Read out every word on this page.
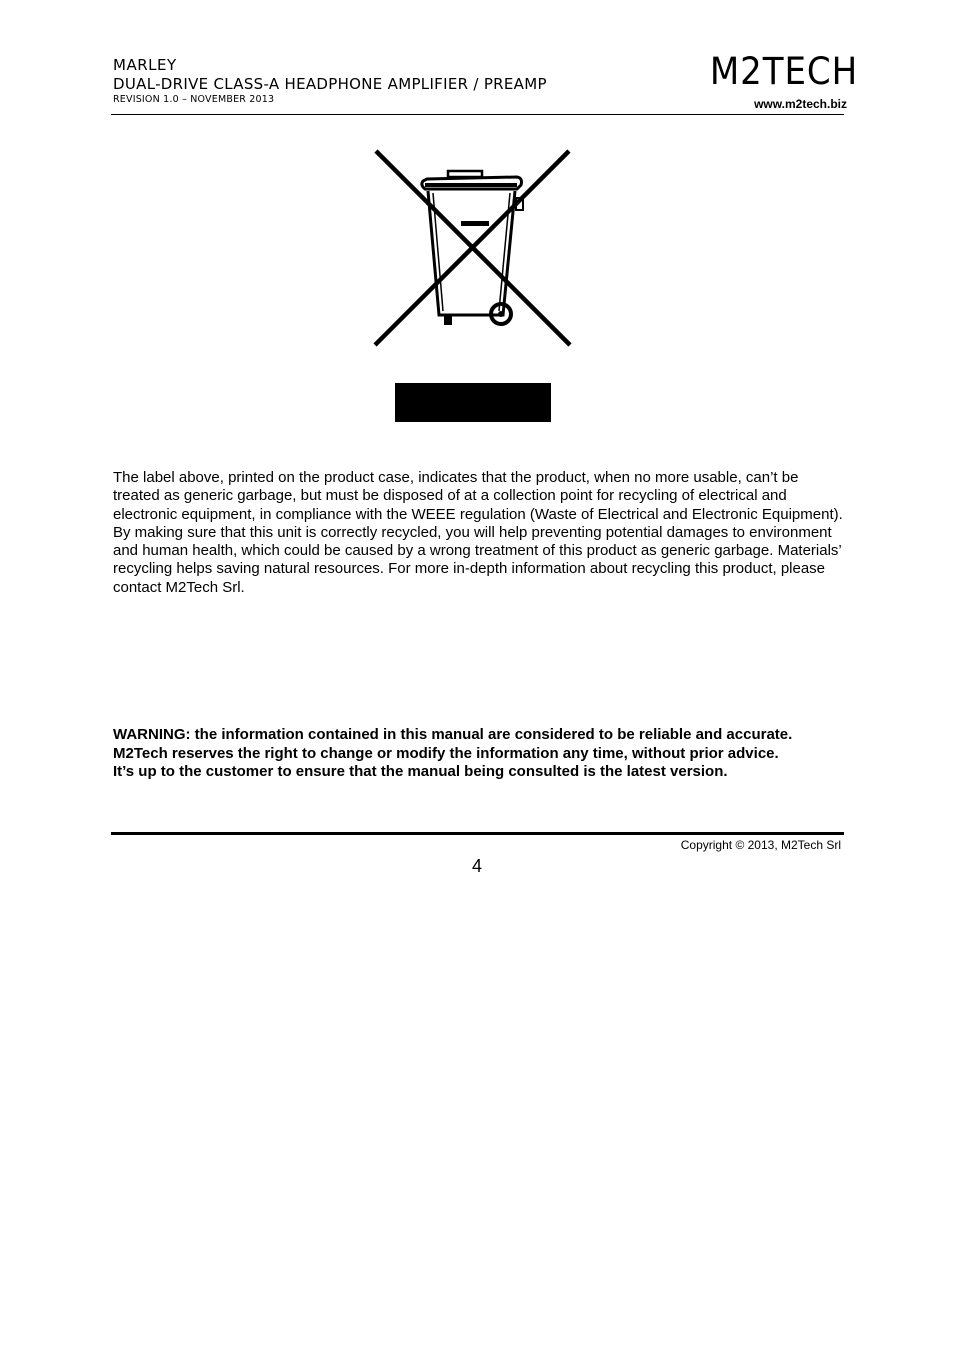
MARLEY
DUAL-DRIVE CLASS-A HEADPHONE AMPLIFIER / PREAMP
REVISION 1.0 – NOVEMBER 2013
M2TECH
www.m2tech.biz

The label above, printed on the product case, indicates that the product, when no more usable, can’t be treated as generic garbage, but must be disposed of at a collection point for recycling of electrical and electronic equipment, in compliance with the WEEE regulation (Waste of Electrical and Electronic Equipment).

By making sure that this unit is correctly recycled, you will help preventing potential damages to environment and human health, which could be caused by a wrong treatment of this product as generic garbage. Materials’ recycling helps saving natural resources. For more in-depth information about recycling this product, please contact M2Tech Srl.

WARNING: the information contained in this manual are considered to be reliable and accurate.

M2Tech reserves the right to change or modify the information any time, without prior advice.

It’s up to the customer to ensure that the manual being consulted is the latest version.

Copyright © 2013, M2Tech Srl
4
